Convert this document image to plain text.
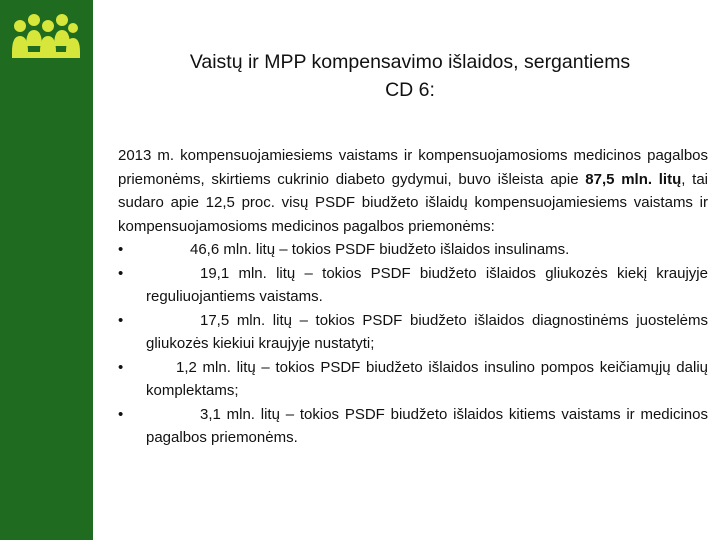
Vaistų ir MPP kompensavimo išlaidos, sergantiems
CD 6:

2013 m. kompensuojamiesiems vaistams ir kompensuojamosioms medicinos pagalbos priemonėms, skirtiems cukrinio diabeto gydymui, buvo išleista apie 87,5 mln. litų, tai sudaro apie 12,5 proc. visų PSDF biudžeto išlaidų kompensuojamiesiems vaistams ir kompensuojamosioms medicinos pagalbos priemonėms:

•	46,6 mln. litų – tokios PSDF biudžeto išlaidos insulinams.
•	19,1 mln. litų – tokios PSDF biudžeto išlaidos gliukozės kiekį kraujyje reguliuojantiems vaistams.
•	17,5 mln. litų – tokios PSDF biudžeto išlaidos diagnostinėms juostelėms gliukozės kiekiui kraujyje nustatyti;
•	1,2 mln. litų – tokios PSDF biudžeto išlaidos insulino pompos keičiamųjų dalių komplektams;
•	3,1 mln. litų – tokios PSDF biudžeto išlaidos kitiems vaistams ir medicinos pagalbos priemonėms.
